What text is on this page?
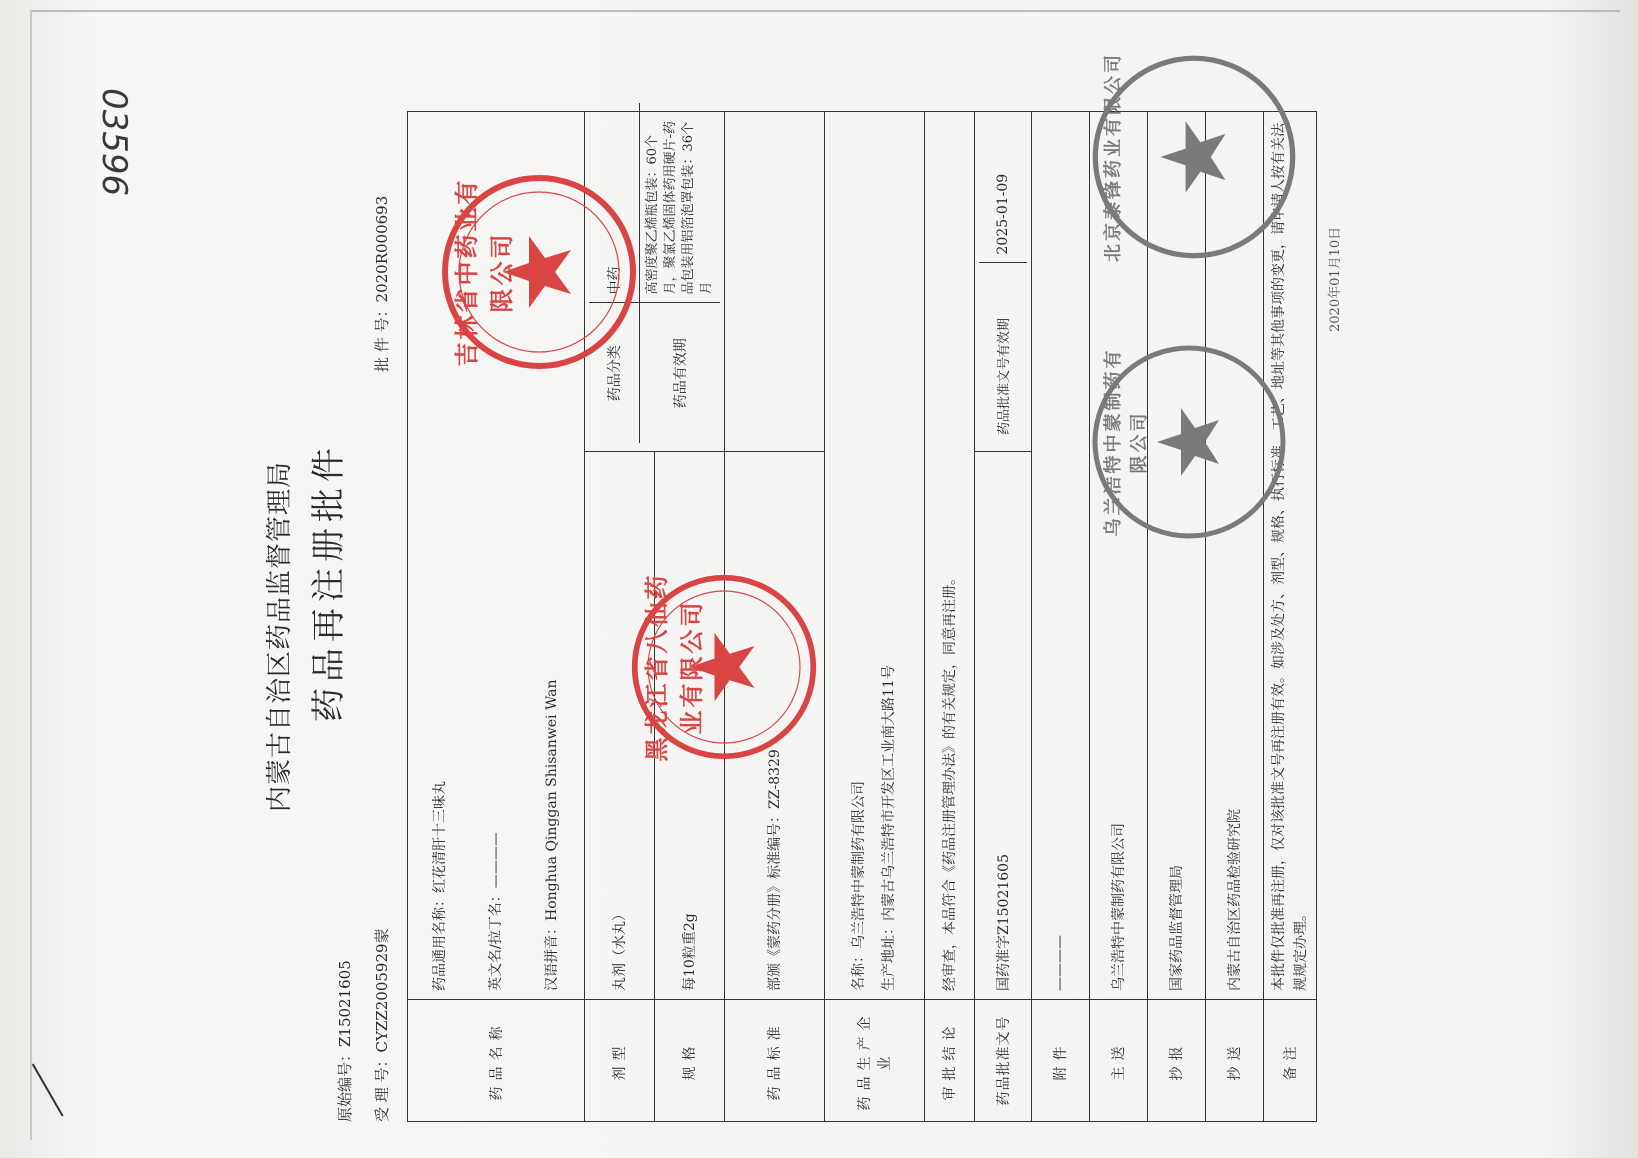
03596
内蒙古自治区药品监督管理局 药品再注册批件
原始编号：Z15021605 受 理 号：CYZZ2005929蒙
批 件 号：2020R000693
药品名称	
药品通用名称：红花清肝十三味丸	英文名/拉丁名：————	汉语拼音：Honghua Qinggan Shisanwei Wan

剂型	丸剂（水丸）	
药品分类	中药
药品有效期	高密度聚乙烯瓶包装：60个月，聚氯乙烯固体药用硬片-药品包装用铝箔泡罩包装：36个月

规格	每10粒重2g
药品标准	部颁《蒙药分册》标准编号：ZZ-8329	
药品生产企业	
名称：乌兰浩特中蒙制药有限公司	生产地址：内蒙古乌兰浩特市开发区工业南大路11号

审批结论	经审查，本品符合《药品注册管理办法》的有关规定，同意再注册。
药品批准文号	国药准字Z15021605	
药品批准文号有效期	2025-01-09

附件	————
主送	乌兰浩特中蒙制药有限公司
抄报	国家药品监督管理局
抄送	内蒙古自治区药品检验研究院
备注	本批件仅批准再注册，仅对该批准文号再注册有效。如涉及处方、剂型、规格、执行标准、工艺、地址等其他事项的变更，请申请人按有关法规规定办理。
黑龙江省八仙药业有限公司
吉林省中药业有限公司
乌兰浩特中蒙制药有限公司
北京泰锋药业有限公司
2020年01月10日
